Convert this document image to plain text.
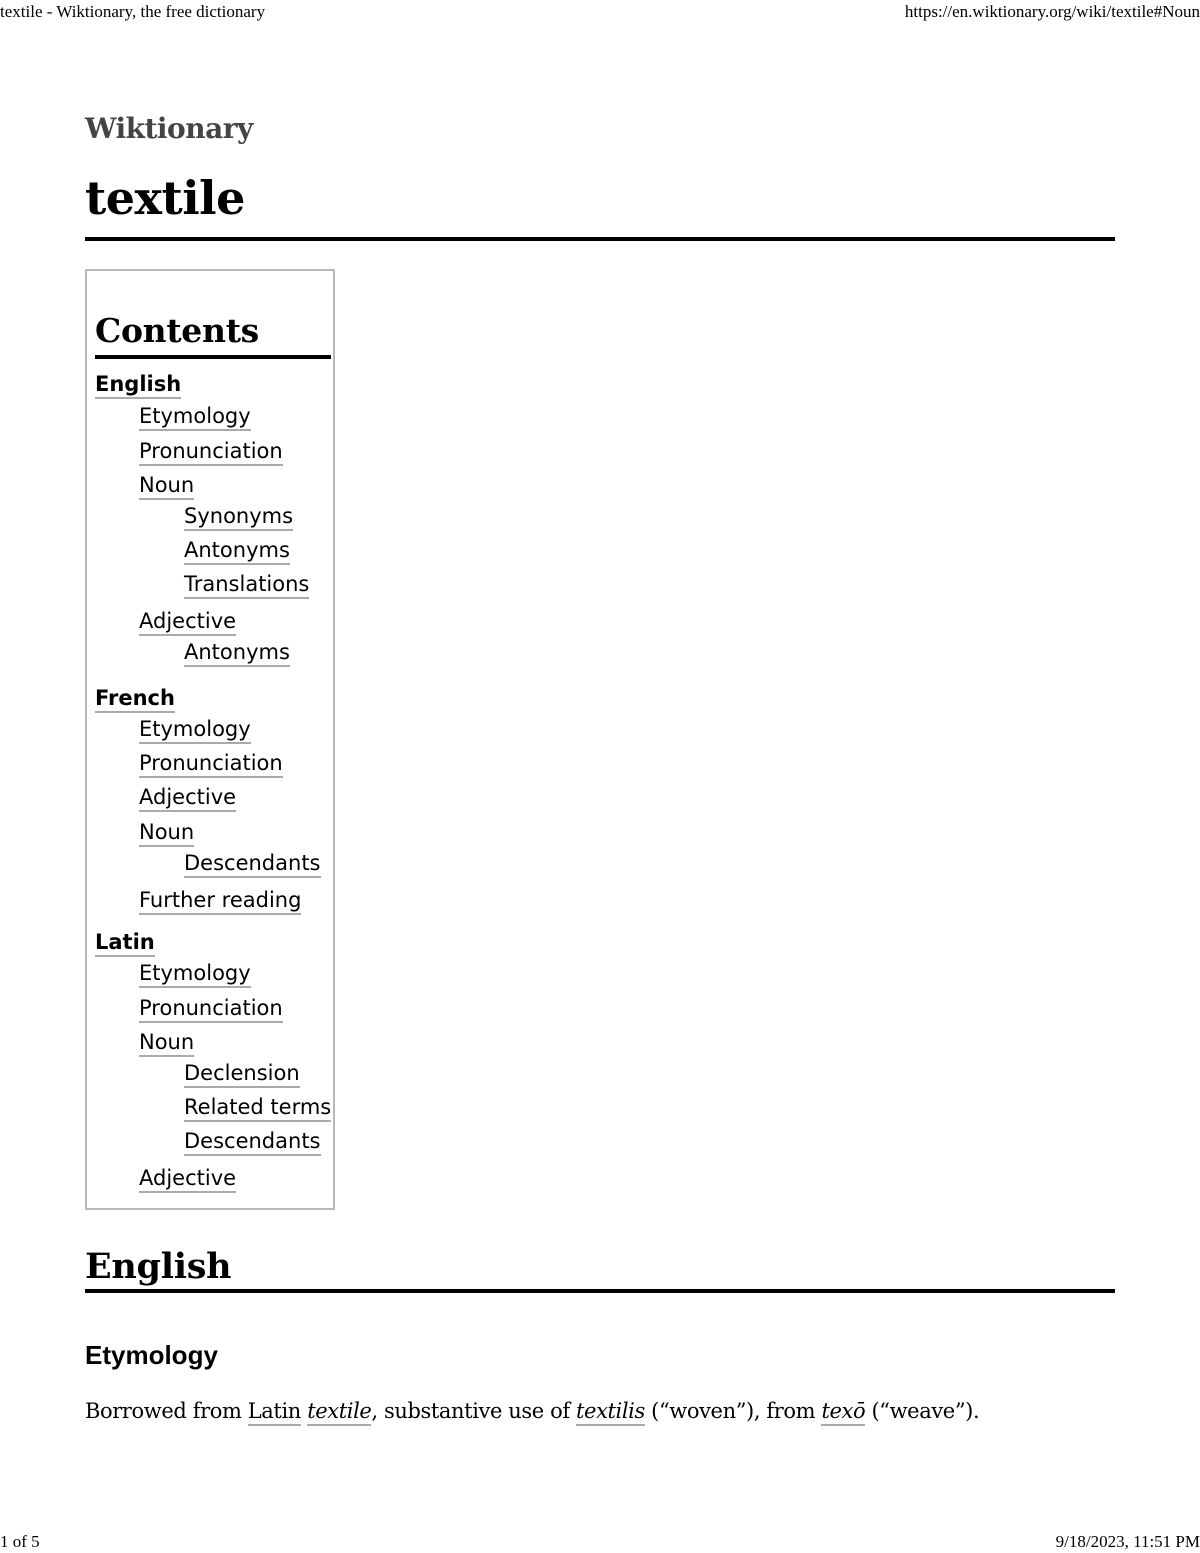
textile - Wiktionary, the free dictionary	https://en.wiktionary.org/wiki/textile#Noun
Wiktionary
textile
Contents
English
Etymology
Pronunciation
Noun
Synonyms
Antonyms
Translations
Adjective
Antonyms
French
Etymology
Pronunciation
Adjective
Noun
Descendants
Further reading
Latin
Etymology
Pronunciation
Noun
Declension
Related terms
Descendants
Adjective
English
Etymology

Borrowed from Latin textile, substantive use of textilis (“woven”), from texō (“weave”).

1 of 5	9/18/2023, 11:51 PM
